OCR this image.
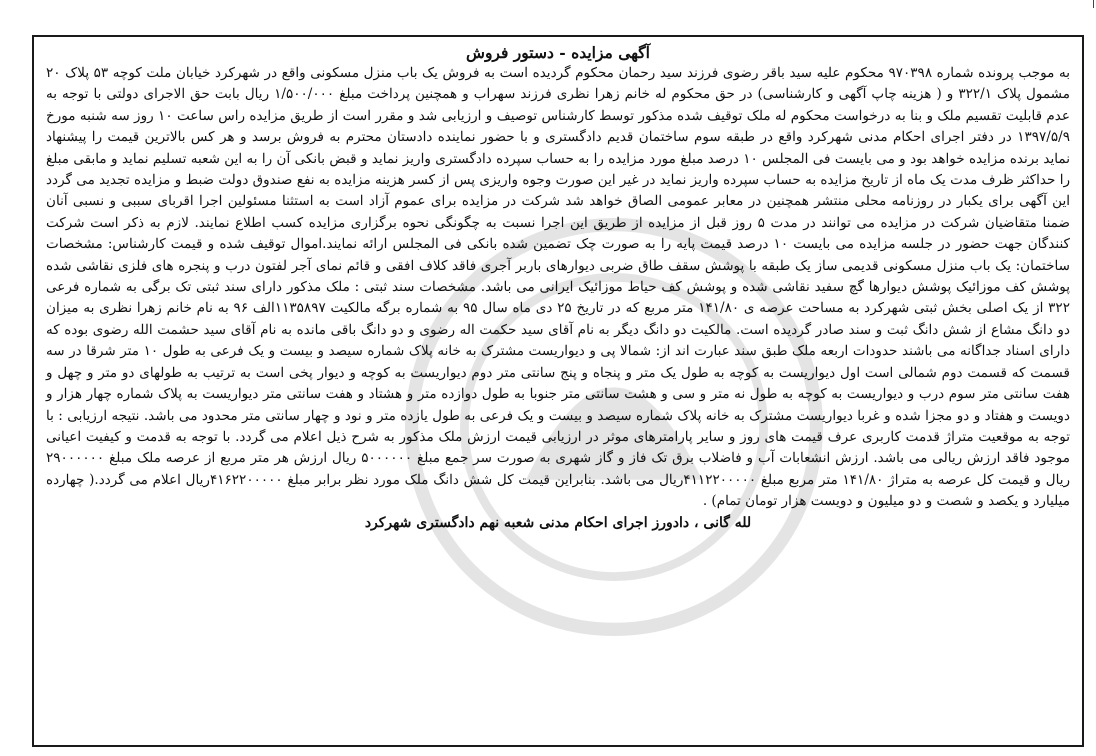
آگهی مزایده - دستور فروش

به موجب پرونده شماره ۹۷۰۳۹۸ محکوم علیه سید باقر رضوی فرزند سید رحمان محکوم گردیده است به فروش یک باب منزل مسکونی واقع در شهرکرد خیابان ملت کوچه ۵۳ پلاک ۲۰ مشمول پلاک ۳۲۲/۱ و ( هزینه چاپ آگهی و کارشناسی) در حق محکوم له خانم زهرا نظری فرزند سهراب و همچنین پرداخت مبلغ ۱/۵۰۰/۰۰۰ ریال بابت حق الاجرای دولتی با توجه به عدم قابلیت تقسیم ملک و بنا به درخواست محکوم له ملک توقیف شده مذکور توسط کارشناس توصیف و ارزیابی شد و مقرر است از طریق مزایده راس ساعت ۱۰ روز سه شنبه مورخ ۱۳۹۷/۵/۹ در دفتر اجرای احکام مدنی شهرکرد واقع در طبقه سوم ساختمان قدیم دادگستری و با حضور نماینده دادستان محترم به فروش برسد و هر کس بالاترین قیمت را پیشنهاد نماید برنده مزایده خواهد بود و می بایست فی المجلس ۱۰ درصد مبلغ مورد مزایده را به حساب سپرده دادگستری واریز نماید و قبض بانکی آن را به این شعبه تسلیم نماید و مابقی مبلغ را حداکثر ظرف مدت یک ماه از تاریخ مزایده به حساب سپرده واریز نماید در غیر این صورت وجوه واریزی پس از کسر هزینه مزایده به نفع صندوق دولت ضبط و مزایده تجدید می گردد این آگهی برای یکبار در روزنامه محلی منتشر همچنین در معابر عمومی الصاق خواهد شد شرکت در مزایده برای عموم آزاد است به استثنا مسئولین اجرا اقربای سببی و نسبی آنان ضمنا متقاضیان شرکت در مزایده می توانند در مدت ۵ روز قبل از مزایده از طریق این اجرا نسبت به چگونگی نحوه برگزاری مزایده کسب اطلاع نمایند. لازم به ذکر است شرکت کنندگان جهت حضور در جلسه مزایده می بایست ۱۰ درصد قیمت پایه را به صورت چک تضمین شده بانکی فی المجلس ارائه نمایند.اموال توقیف شده و قیمت کارشناس: مشخصات ساختمان: یک باب منزل مسکونی قدیمی ساز یک طبقه با پوشش سقف طاق ضربی دیوارهای باربر آجری فاقد کلاف افقی و قائم نمای آجر لفتون درب و پنجره های فلزی نقاشی شده پوشش کف موزائیک پوشش دیوارها گچ سفید نقاشی شده و پوشش کف حیاط موزائیک ایرانی می باشد. مشخصات سند ثبتی : ملک مذکور دارای سند ثبتی تک برگی به شماره فرعی ۳۲۲ از یک اصلی بخش ثبتی شهرکرد به مساحت عرصه ی ۱۴۱/۸۰ متر مربع که در تاریخ ۲۵ دی ماه سال ۹۵ به شماره برگه مالکیت ۱۱۳۵۸۹۷الف ۹۶ به نام خانم زهرا نظری به میزان دو دانگ مشاع از شش دانگ ثبت و سند صادر گردیده است. مالکیت دو دانگ دیگر به نام آقای سید حکمت اله رضوی و دو دانگ باقی مانده به نام آقای سید حشمت الله رضوی بوده که دارای اسناد جداگانه می باشند حدودات اربعه ملک طبق سند عبارت اند از: شمالا پی و دیواریست مشترک به خانه پلاک شماره سیصد و بیست و یک فرعی به طول ۱۰ متر شرقا در سه قسمت که قسمت دوم شمالی است اول دیواریست به کوچه به طول یک متر و پنجاه و پنج سانتی متر دوم دیواریست به کوچه و دیوار پخی است به ترتیب به طولهای دو متر و چهل و هفت سانتی متر سوم درب و دیواریست به کوچه به طول نه متر و سی و هشت سانتی متر جنوبا به طول دوازده متر و هشتاد و هفت سانتی متر دیواریست به پلاک شماره چهار هزار و دویست و هفتاد و دو مجزا شده و غربا دیواریست مشترک به خانه پلاک شماره سیصد و بیست و یک فرعی به طول یازده متر و نود و چهار سانتی متر محدود می باشد. نتیجه ارزیابی : با توجه به موقعیت متراژ قدمت کاربری عرف قیمت های روز و سایر پارامترهای موثر در ارزیابی قیمت ارزش ملک مذکور به شرح ذیل اعلام می گردد. با توجه به قدمت و کیفیت اعیانی موجود فاقد ارزش ریالی می باشد. ارزش انشعابات آب و فاضلاب برق تک فاز و گاز شهری به صورت سر جمع مبلغ ۵۰۰۰۰۰۰ ریال ارزش هر متر مربع از عرصه ملک مبلغ ۲۹۰۰۰۰۰۰ ریال و قیمت کل عرصه به متراژ ۱۴۱/۸۰ متر مربع مبلغ ۴۱۱۲۲۰۰۰۰۰ریال می باشد. بنابراین قیمت کل شش دانگ ملک مورد نظر برابر مبلغ ۴۱۶۲۲۰۰۰۰۰ریال اعلام می گردد.( چهارده میلیارد و یکصد و شصت و دو میلیون و دویست هزار تومان تمام) .

لله گانی ، دادورز اجرای احکام مدنی شعبه نهم دادگستری شهرکرد
